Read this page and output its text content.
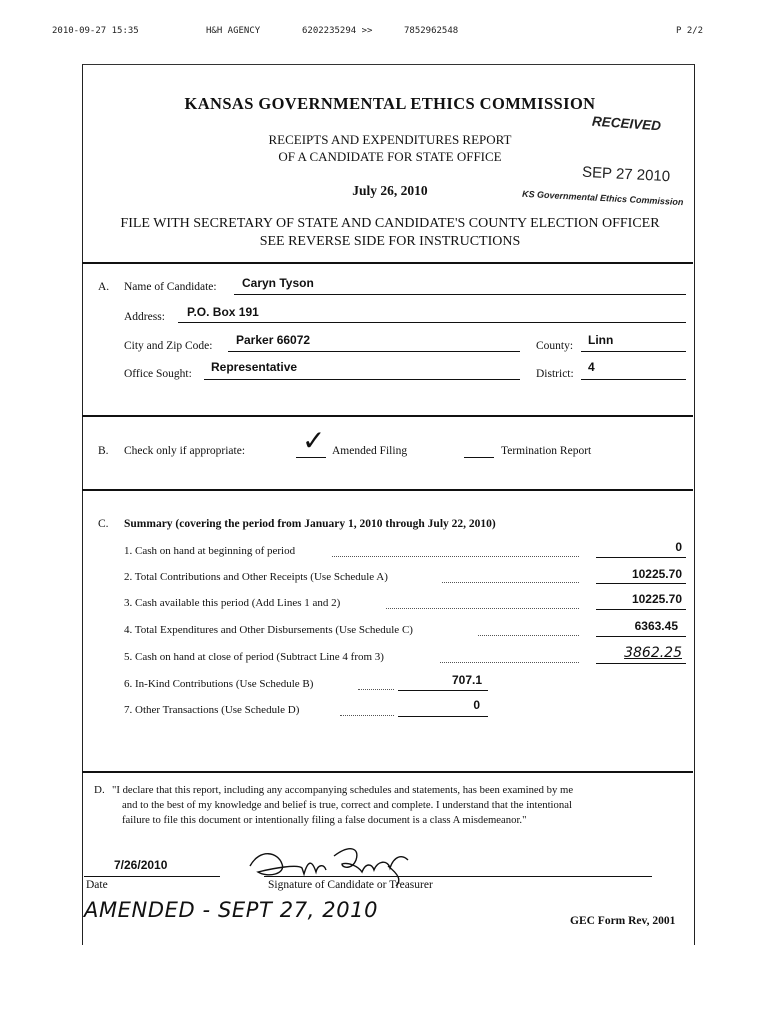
2010-09-27 15:35	H&H AGENCY	6202235294 >>	7852962548	P 2/2
KANSAS GOVERNMENTAL ETHICS COMMISSION
RECEIPTS AND EXPENDITURES REPORT
OF A CANDIDATE FOR STATE OFFICE
July 26, 2010
RECEIVED
SEP 27 2010
KS Governmental Ethics Commission
FILE WITH SECRETARY OF STATE AND CANDIDATE'S COUNTY ELECTION OFFICER
SEE REVERSE SIDE FOR INSTRUCTIONS
A. Name of Candidate: Caryn Tyson
Address: P.O. Box 191
City and Zip Code: Parker 66072	County: Linn
Office Sought: Representative	District: 4
B. Check only if appropriate: ✓ Amended Filing	Termination Report
C. Summary (covering the period from January 1, 2010 through July 22, 2010)
1. Cash on hand at beginning of period	0
2. Total Contributions and Other Receipts (Use Schedule A)	10225.70
3. Cash available this period (Add Lines 1 and 2)	10225.70
4. Total Expenditures and Other Disbursements (Use Schedule C)	6363.45
5. Cash on hand at close of period (Subtract Line 4 from 3)	3862.25
6. In-Kind Contributions (Use Schedule B)	707.1
7. Other Transactions (Use Schedule D)	0
D. "I declare that this report, including any accompanying schedules and statements, has been examined by me
and to the best of my knowledge and belief is true, correct and complete. I understand that the intentional
failure to file this document or intentionally filing a false document is a class A misdemeanor."
7/26/2010
Date	Signature of Candidate or Treasurer
AMENDED - SEPT 27, 2010	GEC Form Rev, 2001
